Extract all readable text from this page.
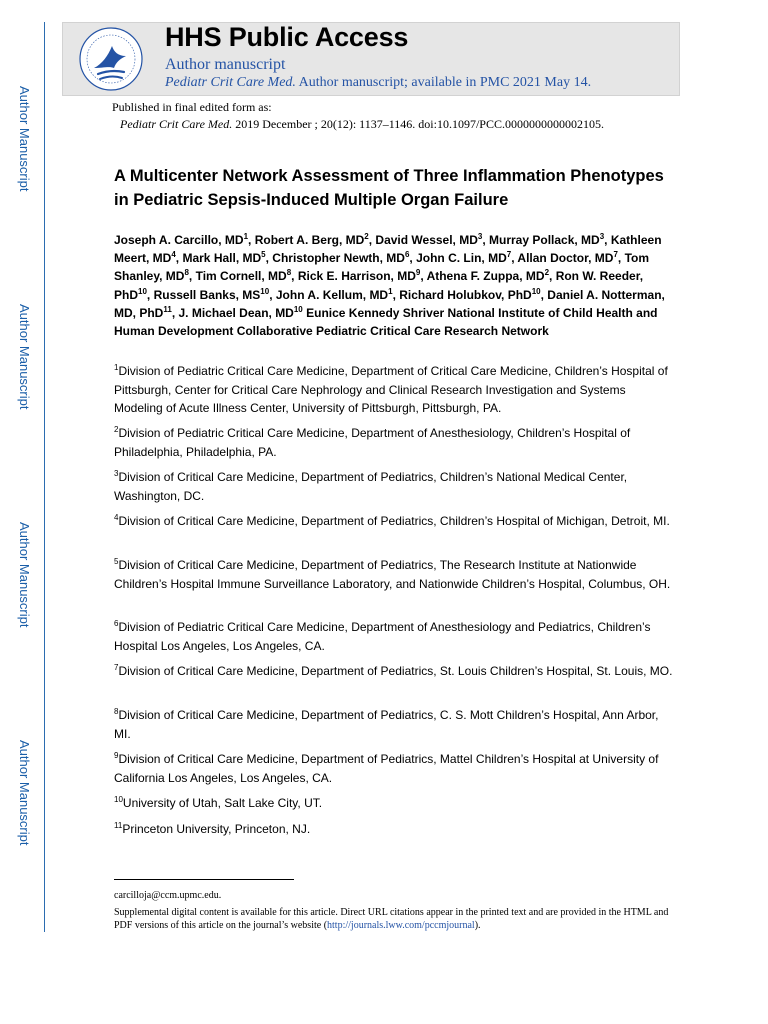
Author Manuscript
Author Manuscript
Author Manuscript
Author Manuscript
HHS Public Access
Author manuscript
Pediatr Crit Care Med. Author manuscript; available in PMC 2021 May 14.
Published in final edited form as:
Pediatr Crit Care Med. 2019 December ; 20(12): 1137–1146. doi:10.1097/PCC.0000000000002105.
A Multicenter Network Assessment of Three Inflammation Phenotypes in Pediatric Sepsis-Induced Multiple Organ Failure
Joseph A. Carcillo, $MD^1$, Robert A. Berg, $MD^2$, David Wessel, $MD^3$, Murray Pollack, $MD^3$, Kathleen Meert, $MD^4$, Mark Hall, $MD^5$, Christopher Newth, $MD^6$, John C. Lin, $MD^7$, Allan Doctor, $MD^7$, Tom Shanley, $MD^8$, Tim Cornell, $MD^8$, Rick E. Harrison, $MD^9$, Athena F. Zuppa, $MD^2$, Ron W. Reeder, PhD$^{10}$, Russell Banks, MS$^{10}$, John A. Kellum, $MD^1$, Richard Holubkov, PhD$^{10}$, Daniel A. Notterman, MD, PhD$^{11}$, J. Michael Dean, MD$^{10}$ Eunice Kennedy Shriver National Institute of Child Health and Human Development Collaborative Pediatric Critical Care Research Network
$^1$Division of Pediatric Critical Care Medicine, Department of Critical Care Medicine, Children’s Hospital of Pittsburgh, Center for Critical Care Nephrology and Clinical Research Investigation and Systems Modeling of Acute Illness Center, University of Pittsburgh, Pittsburgh, PA.
$^2$Division of Pediatric Critical Care Medicine, Department of Anesthesiology, Children’s Hospital of Philadelphia, Philadelphia, PA.
$^3$Division of Critical Care Medicine, Department of Pediatrics, Children’s National Medical Center, Washington, DC.
$^4$Division of Critical Care Medicine, Department of Pediatrics, Children’s Hospital of Michigan, Detroit, MI.
$^5$Division of Critical Care Medicine, Department of Pediatrics, The Research Institute at Nationwide Children’s Hospital Immune Surveillance Laboratory, and Nationwide Children’s Hospital, Columbus, OH.
$^6$Division of Pediatric Critical Care Medicine, Department of Anesthesiology and Pediatrics, Children’s Hospital Los Angeles, Los Angeles, CA.
$^7$Division of Critical Care Medicine, Department of Pediatrics, St. Louis Children’s Hospital, St. Louis, MO.
$^8$Division of Critical Care Medicine, Department of Pediatrics, C. S. Mott Children’s Hospital, Ann Arbor, MI.
$^9$Division of Critical Care Medicine, Department of Pediatrics, Mattel Children’s Hospital at University of California Los Angeles, Los Angeles, CA.
$^{10}$University of Utah, Salt Lake City, UT.
$^{11}$Princeton University, Princeton, NJ.
carcilloja@ccm.upmc.edu.
Supplemental digital content is available for this article. Direct URL citations appear in the printed text and are provided in the HTML and PDF versions of this article on the journal’s website (http://journals.lww.com/pccmjournal).
